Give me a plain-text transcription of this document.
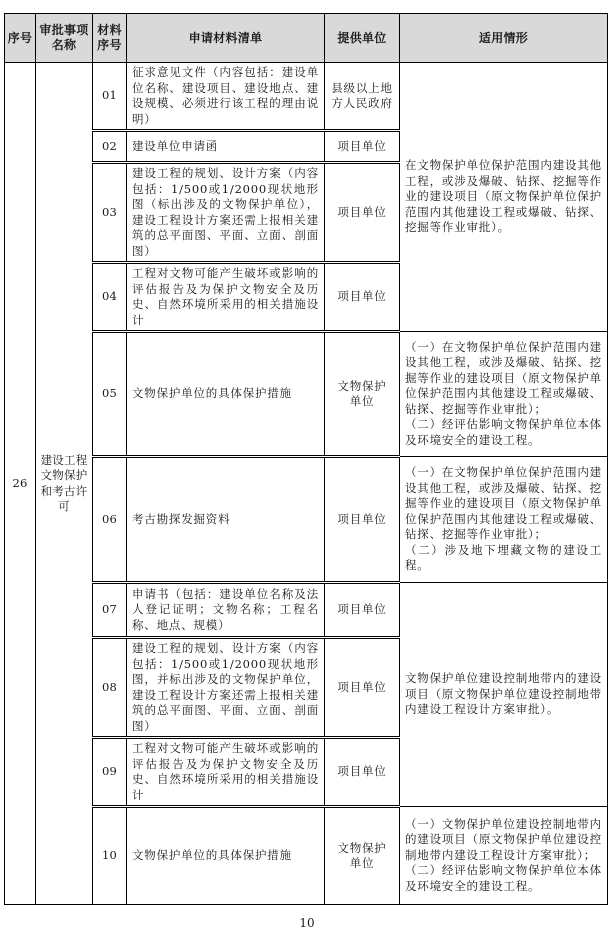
序号	审批事项名称	材料序号	申请材料清单	提供单位	适用情形
26	建设工程文物保护和考古许可	01	征求意见文件（内容包括：建设单位名称、建设项目、建设地点、建设规模、必须进行该工程的理由说明）	县级以上地方人民政府	在文物保护单位保护范围内建设其他工程，或涉及爆破、钻探、挖掘等作业的建设项目（原文物保护单位保护范围内其他建设工程或爆破、钻探、挖掘等作业审批）。

		02	建设单位申请函	项目单位	
		03	建设工程的规划、设计方案（内容包括：1/500或1/2000现状地形图（标出涉及的文物保护单位），建设工程设计方案还需上报相关建筑的总平面图、平面、立面、剖面图）	项目单位	
		04	工程对文物可能产生破坏或影响的评估报告及为保护文物安全及历史、自然环境所采用的相关措施设计	项目单位	
		05	文物保护单位的具体保护措施	文物保护单位	（一）在文物保护单位保护范围内建设其他工程，或涉及爆破、钻探、挖掘等作业的建设项目（原文物保护单位保护范围内其他建设工程或爆破、钻探、挖掘等作业审批）；
（二）经评估影响文物保护单位本体及环境安全的建设工程。

		06	考古勘探发掘资料	项目单位	（一）在文物保护单位保护范围内建设其他工程，或涉及爆破、钻探、挖掘等作业的建设项目（原文物保护单位保护范围内其他建设工程或爆破、钻探、挖掘等作业审批）；
（二）涉及地下埋藏文物的建设工程。

		07	申请书（包括：建设单位名称及法人登记证明；文物名称；工程名称、地点、规模）	项目单位	文物保护单位建设控制地带内的建设项目（原文物保护单位建设控制地带内建设工程设计方案审批）。

		08	建设工程的规划、设计方案（内容包括：1/500或1/2000现状地形图，并标出涉及的文物保护单位，建设工程设计方案还需上报相关建筑的总平面图、平面、立面、剖面图）	项目单位	
		09	工程对文物可能产生破坏或影响的评估报告及为保护文物安全及历史、自然环境所采用的相关措施设计	项目单位	
		10	文物保护单位的具体保护措施	文物保护单位	（一）文物保护单位建设控制地带内的建设项目（原文物保护单位建设控制地带内建设工程设计方案审批）；
（二）经评估影响文物保护单位本体及环境安全的建设工程。
10
